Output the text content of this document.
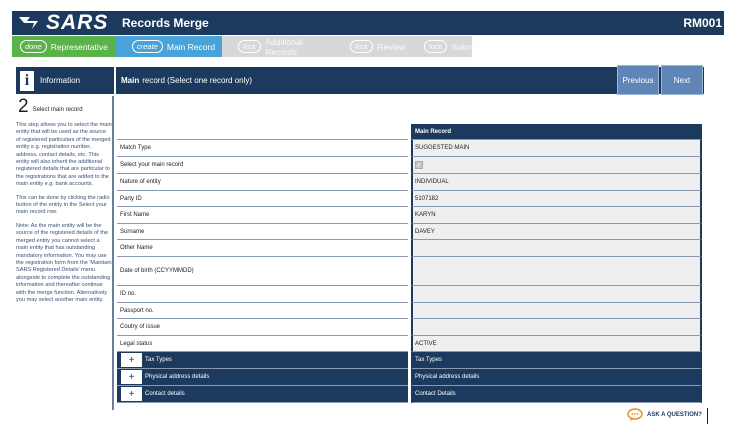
SARS Records Merge	RM001
done	Representative	create	Main Record	lock	Additional Records	lock	Review	lock	Submit
i	Information
2 Select main record
This step allows you to select the main entity that will be used as the source of registered particulars of the merged entity e.g. registration number, address, contact details, etc. This entity will also inherit the additional registered details that are particular to the registrations that are added to the main entity e.g. bank accounts.
This can be done by clicking the radio button of the entity in the Select your main record row.
Note: As the main entity will be the source of the registered details of the merged entity you cannot select a main entity that has outstanding mandatory information. You may use the registration form from the 'Maintain SARS Registered Details' menu alongside to complete the outstanding information and thereafter continue with the merge function. Alternatively you may select another main entity.
Main record (Select one record only)	Previous	Next
Main Record
Match Type	SUGGESTED MAIN
Select your main record	✓
Nature of entity	INDIVIDUAL
Party ID	5107182
First Name	KARYN
Surname	DAVEY
Other Name
Date of birth (CCYYMMDD)
ID no.
Passport no.
Coutry of issue
Legal status	ACTIVE
+	Tax Types	Tax Types
+	Physical address details	Physical address details
+	Contact details	Contact Details
ASK A QUESTION?
